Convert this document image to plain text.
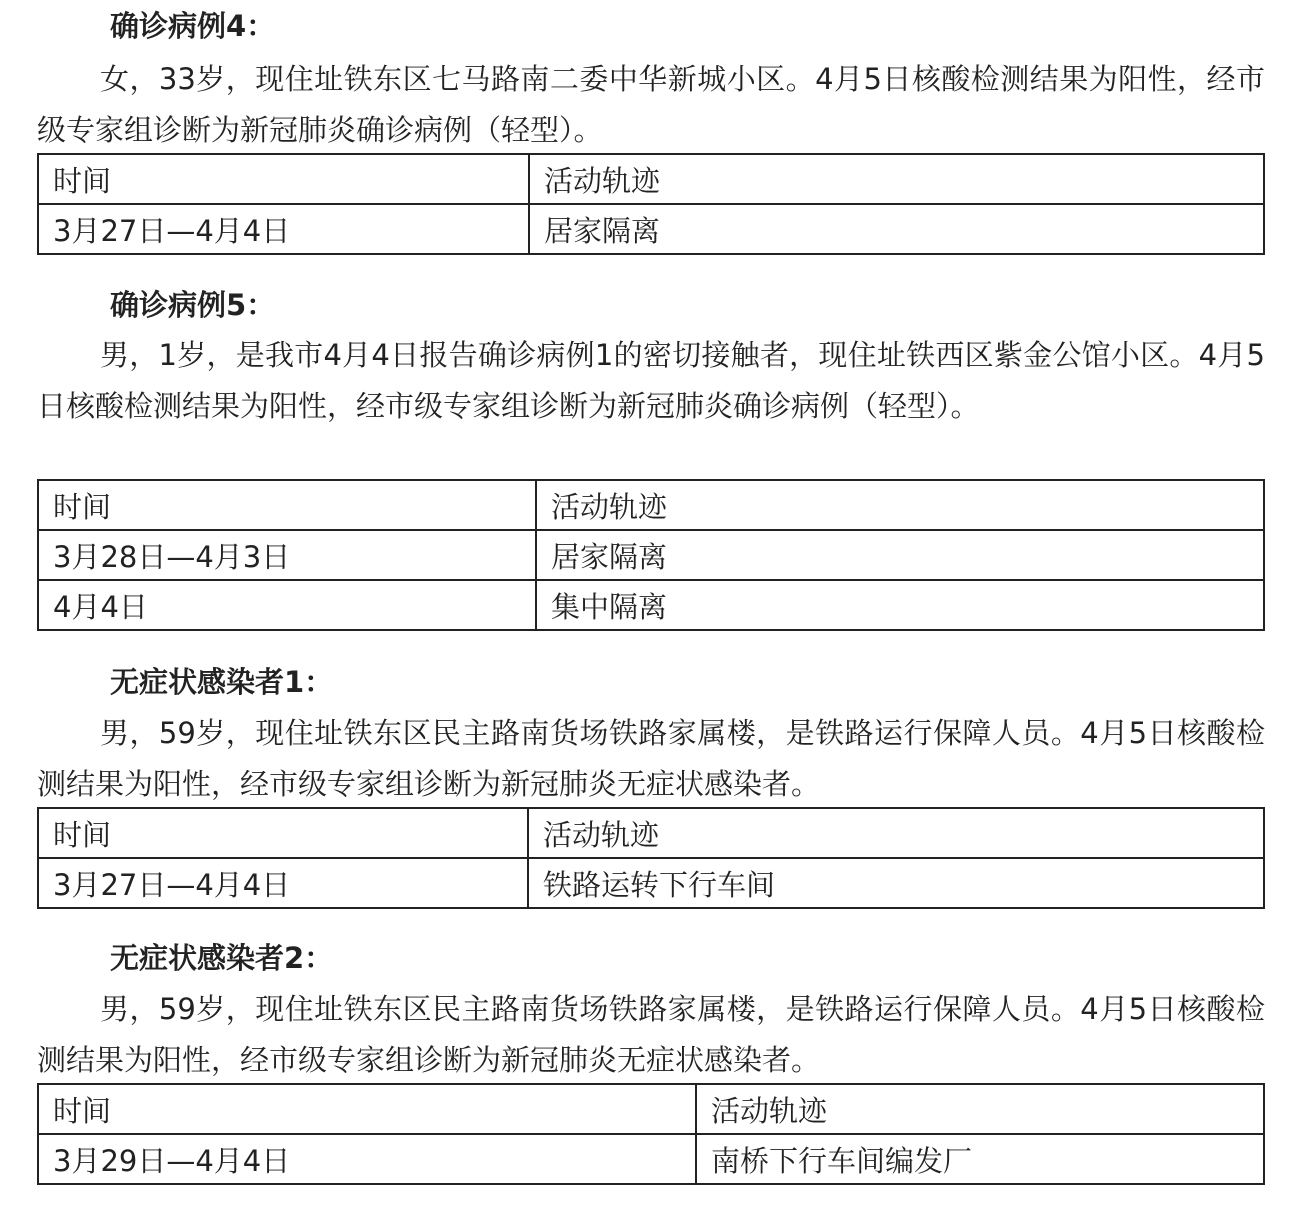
确诊病例4：
女，33岁，现住址铁东区七马路南二委中华新城小区。4月5日核酸检测结果为阳性，经市级专家组诊断为新冠肺炎确诊病例（轻型）。
时间	活动轨迹
3月27日—4月4日	居家隔离
确诊病例5：
男，1岁，是我市4月4日报告确诊病例1的密切接触者，现住址铁西区紫金公馆小区。4月5日核酸检测结果为阳性，经市级专家组诊断为新冠肺炎确诊病例（轻型）。
时间	活动轨迹
3月28日—4月3日	居家隔离
4月4日	集中隔离
无症状感染者1：
男，59岁，现住址铁东区民主路南货场铁路家属楼，是铁路运行保障人员。4月5日核酸检测结果为阳性，经市级专家组诊断为新冠肺炎无症状感染者。
时间	活动轨迹
3月27日—4月4日	铁路运转下行车间
无症状感染者2：
男，59岁，现住址铁东区民主路南货场铁路家属楼，是铁路运行保障人员。4月5日核酸检测结果为阳性，经市级专家组诊断为新冠肺炎无症状感染者。
时间	活动轨迹
3月29日—4月4日	南桥下行车间编发厂
